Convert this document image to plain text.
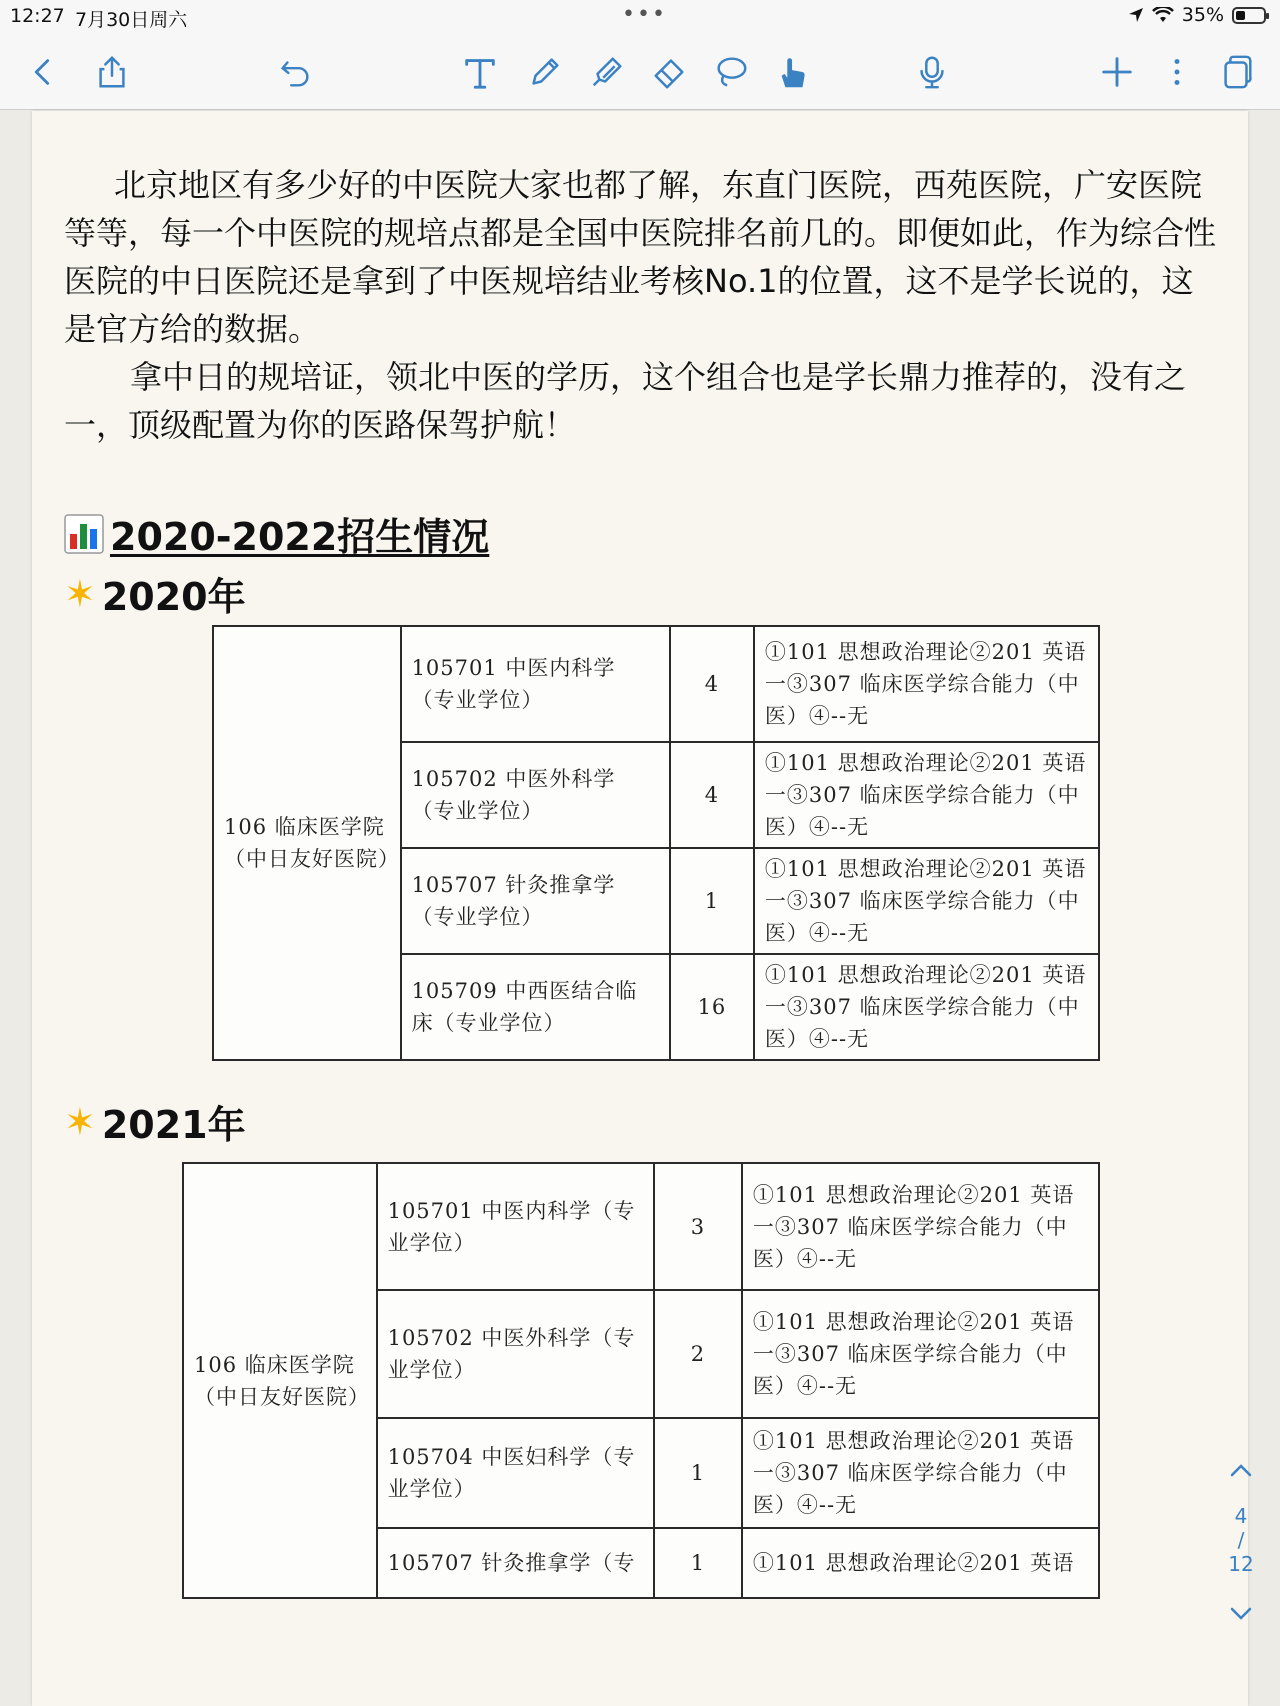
12:27 7月30日周六	•••	35%

北京地区有多少好的中医院大家也都了解，东直门医院，西苑医院，广安医院等等，每一个中医院的规培点都是全国中医院排名前几的。即便如此，作为综合性医院的中日医院还是拿到了中医规培结业考核No.1的位置，这不是学长说的，这是官方给的数据。

拿中日的规培证，领北中医的学历，这个组合也是学长鼎力推荐的，没有之一，顶级配置为你的医路保驾护航！

2020-2022招生情况
✶ 2020年
106 临床医学院（中日友好医院）	105701 中医内科学（专业学位）	4	①101 思想政治理论②201 英语一③307 临床医学综合能力（中医）④--无
	105702 中医外科学（专业学位）	4	①101 思想政治理论②201 英语一③307 临床医学综合能力（中医）④--无
	105707 针灸推拿学（专业学位）	1	①101 思想政治理论②201 英语一③307 临床医学综合能力（中医）④--无
	105709 中西医结合临床（专业学位）	16	①101 思想政治理论②201 英语一③307 临床医学综合能力（中医）④--无
✶ 2021年
106 临床医学院（中日友好医院）	105701 中医内科学（专业学位）	3	①101 思想政治理论②201 英语一③307 临床医学综合能力（中医）④--无
	105702 中医外科学（专业学位）	2	①101 思想政治理论②201 英语一③307 临床医学综合能力（中医）④--无
	105704 中医妇科学（专业学位）	1	①101 思想政治理论②201 英语一③307 临床医学综合能力（中医）④--无
	105707 针灸推拿学（专	1	①101 思想政治理论②201 英语
4
/
12
